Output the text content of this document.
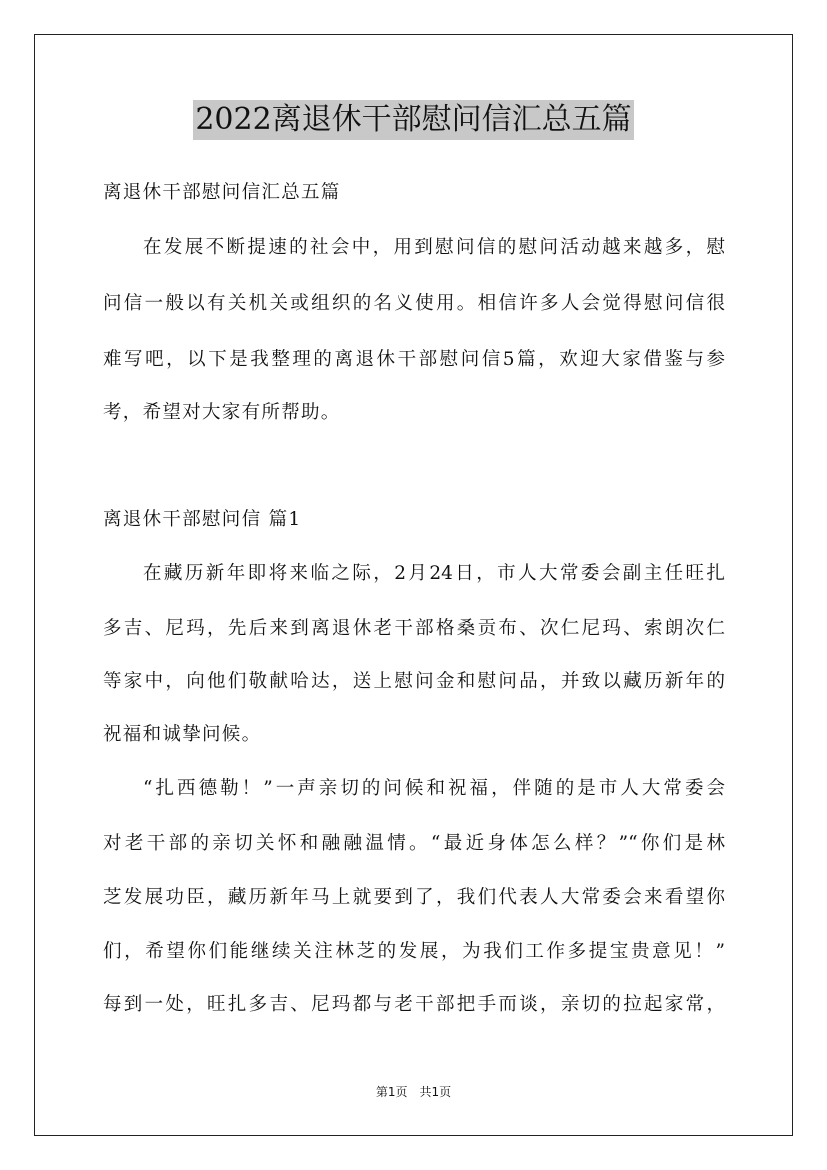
2022离退休干部慰问信汇总五篇
离退休干部慰问信汇总五篇
在发展不断提速的社会中，用到慰问信的慰问活动越来越多，慰
问信一般以有关机关或组织的名义使用。相信许多人会觉得慰问信很
难写吧，以下是我整理的离退休干部慰问信5篇，欢迎大家借鉴与参
考，希望对大家有所帮助。
离退休干部慰问信 篇1
在藏历新年即将来临之际，2月24日，市人大常委会副主任旺扎
多吉、尼玛，先后来到离退休老干部格桑贡布、次仁尼玛、索朗次仁
等家中，向他们敬献哈达，送上慰问金和慰问品，并致以藏历新年的
祝福和诚挚问候。
“扎西德勒！”一声亲切的问候和祝福，伴随的是市人大常委会
对老干部的亲切关怀和融融温情。“最近身体怎么样？”“你们是林
芝发展功臣，藏历新年马上就要到了，我们代表人大常委会来看望你
们，希望你们能继续关注林芝的发展，为我们工作多提宝贵意见！”
每到一处，旺扎多吉、尼玛都与老干部把手而谈，亲切的拉起家常，
第1页　共1页
